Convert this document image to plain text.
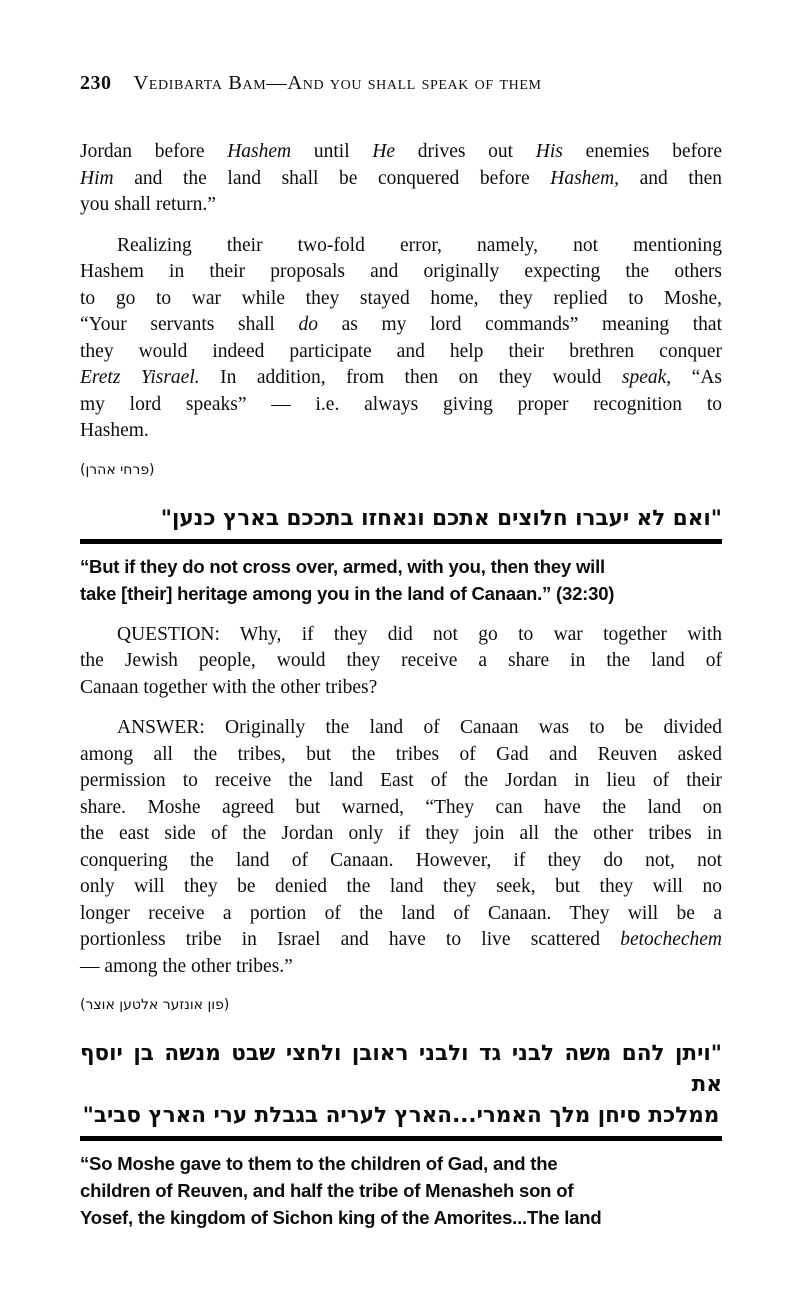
230 Vedibarta Bam—And you shall speak of them
Jordan before Hashem until He drives out His enemies before
Him and the land shall be conquered before Hashem, and then
you shall return.”
Realizing their two-fold error, namely, not mentioning
Hashem in their proposals and originally expecting the others
to go to war while they stayed home, they replied to Moshe,
“Your servants shall do as my lord commands” meaning that
they would indeed participate and help their brethren conquer
Eretz Yisrael. In addition, from then on they would speak, “As
my lord speaks” — i.e. always giving proper recognition to
Hashem.
(פרחי אהרן)
"ואם לא יעברו חלוצים אתכם ונאחזו בתככם בארץ כנען"
“But if they do not cross over, armed, with you, then they will
take [their] heritage among you in the land of Canaan.” (32:30)
QUESTION: Why, if they did not go to war together with
the Jewish people, would they receive a share in the land of
Canaan together with the other tribes?
ANSWER: Originally the land of Canaan was to be divided
among all the tribes, but the tribes of Gad and Reuven asked
permission to receive the land East of the Jordan in lieu of their
share. Moshe agreed but warned, “They can have the land on
the east side of the Jordan only if they join all the other tribes in
conquering the land of Canaan. However, if they do not, not
only will they be denied the land they seek, but they will no
longer receive a portion of the land of Canaan. They will be a
portionless tribe in Israel and have to live scattered betochechem
— among the other tribes.”
(פון אונזער אלטען אוצר)
"ויתן להם משה לבני גד ולבני ראובן ולחצי שבט מנשה בן יוסף את
ממלכת סיחן מלך האמרי...הארץ לעריה בגבלת ערי הארץ סביב"
“So Moshe gave to them to the children of Gad, and the
children of Reuven, and half the tribe of Menasheh son of
Yosef, the kingdom of Sichon king of the Amorites...The land
